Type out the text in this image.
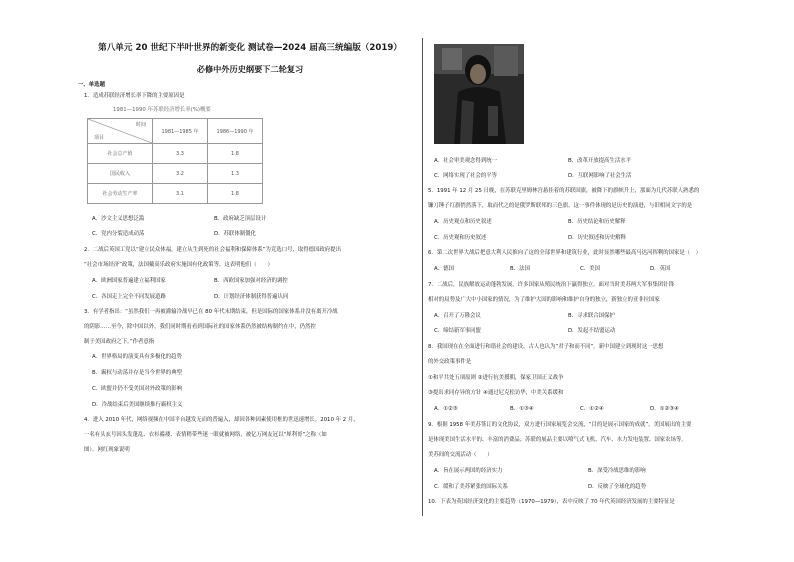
第八单元 20 世纪下半叶世界的新变化 测试卷—2024 届高三统编版（2019）
必修中外历史纲要下二轮复习
一、单选题
1．造成苏联经济增长率下降的主要原因是
1981—1990 年苏联经济增长率(%)概要
时间
项目	1981—1985 年	1986—1990 年
社会总产值	3.3	1.8
国民收入	3.2	1.3
社会劳动生产率	3.1	1.8
A．沙文主义思想泛滥	B．政府缺乏顶层设计
C．党内分裂造成动荡	D．苏联体制僵化
2．二战后英国工党以“建立民众体福，建立从生到死的社会福利和保障体系”为竞选口号，取得德国政府提出
“社会市场经济”政策，法国戴高乐政府实施国有化政策等，这表明他们（　　）
A．欧洲国家普遍建立福利国家	B．西欧国家加强对经济的调控
C．各国走上完全不同发展道路	D．计划经济体制获得普遍认同
3．有学者指出：“虽然我们一再被灌输冷战早已在 80 年代末期结束，但是国际的国家体系并没有离开冷战
的阴影……至今，除中国以外，我们同时期看看到国际社的国家体系仍然被结构制约在中，仍然控
制于美国政府之下。”作者意指
A．世界格局的演变具有多极化的趋势
B．霸权与动荡并存是当今世界的典型
C．欧盟并仍不受美国对外政策的影响
D．冷战结束后美国继续推行霸权主义
4．进入 2010 年代，网络视频在中国平台越发无而的普遍入，却因各种因素使用框的世迅速增长。2010 年 2 月，
一名有头玄号因头发蓬乱、衣衫褴褛、表情稍带些迷一眼就被网络，被亿万网友冠以“犀利哥”之称（如
图）。网红现象说明
A．社会审美观念得到统一	B．改革开放提高生活水平
C．网络实现了社会的平等	D．互联网影响了社会生活
5．1991 年 12 月 25 日晚，在苏联克里姆林宫悬挂着的苏联国旗，被降下的旗帜升上，那面为几代苏联人熟悉的
镰刀锤子红旗悄然落下，取而代之的是俄罗斯联邦的三色旗。这一事件体现的是历史的演进，与旧相同文字的是
A．历史观点和历史叙述	B．历史结论和历史解释
C．历史观和历史叙述	D．历史叙述和历史解释
6．第二次世界大战后把意大利人民推向了这的全部世界和建筑行业，此时显然哪些最高马达河挥剩的国家是（　）
A．德国	B．法国	C．美国	D．英国
7．二战后，民族解放运动蓬勃发展，许多国家从殖民统治下赢得独立。面对当时美苏两大军事集团针锋
相对的局势及广大中小国家的情况，为了维护大国的影响和维护自身的独立，新独立的亚非拉国家
A．召开了万隆会议	B．寻求联合国保护
C．缔结新军事同盟	D．发起不结盟运动
8．我国现在在全面进行和谐社会的建设，古人也认为“君子和而不同”。新中国建立到现时这一思想
的外交政策事件是
①和平共处五项原则 ②进行抗美援朝，保家卫国正义战争
③提出求同存异的方针 ④通过尼克松访华，中美关系缓和
A．①②③	B．①③④	C．①②④	D．①②③④
9．根据 1958 年美苏签订的文化协议，双方进行国家展览会交流，“目的是展示国家的成就”。美国展出的主要
是体现美国生活水平的、丰富的消费品；苏联的展品主要以喷气式飞机、汽车、水力发电装置、国家农场等。
美苏间的交流活动（　　）
A．旨在展示两国的经济实力	B．深受冷战思维的影响
C．缓和了美苏紧张的国际关系	D．反映了全球化的趋势
10．下表为英国经济变化的主要趋势（1970—1979），表中反映了 70 年代英国经济发展的主要特征是
